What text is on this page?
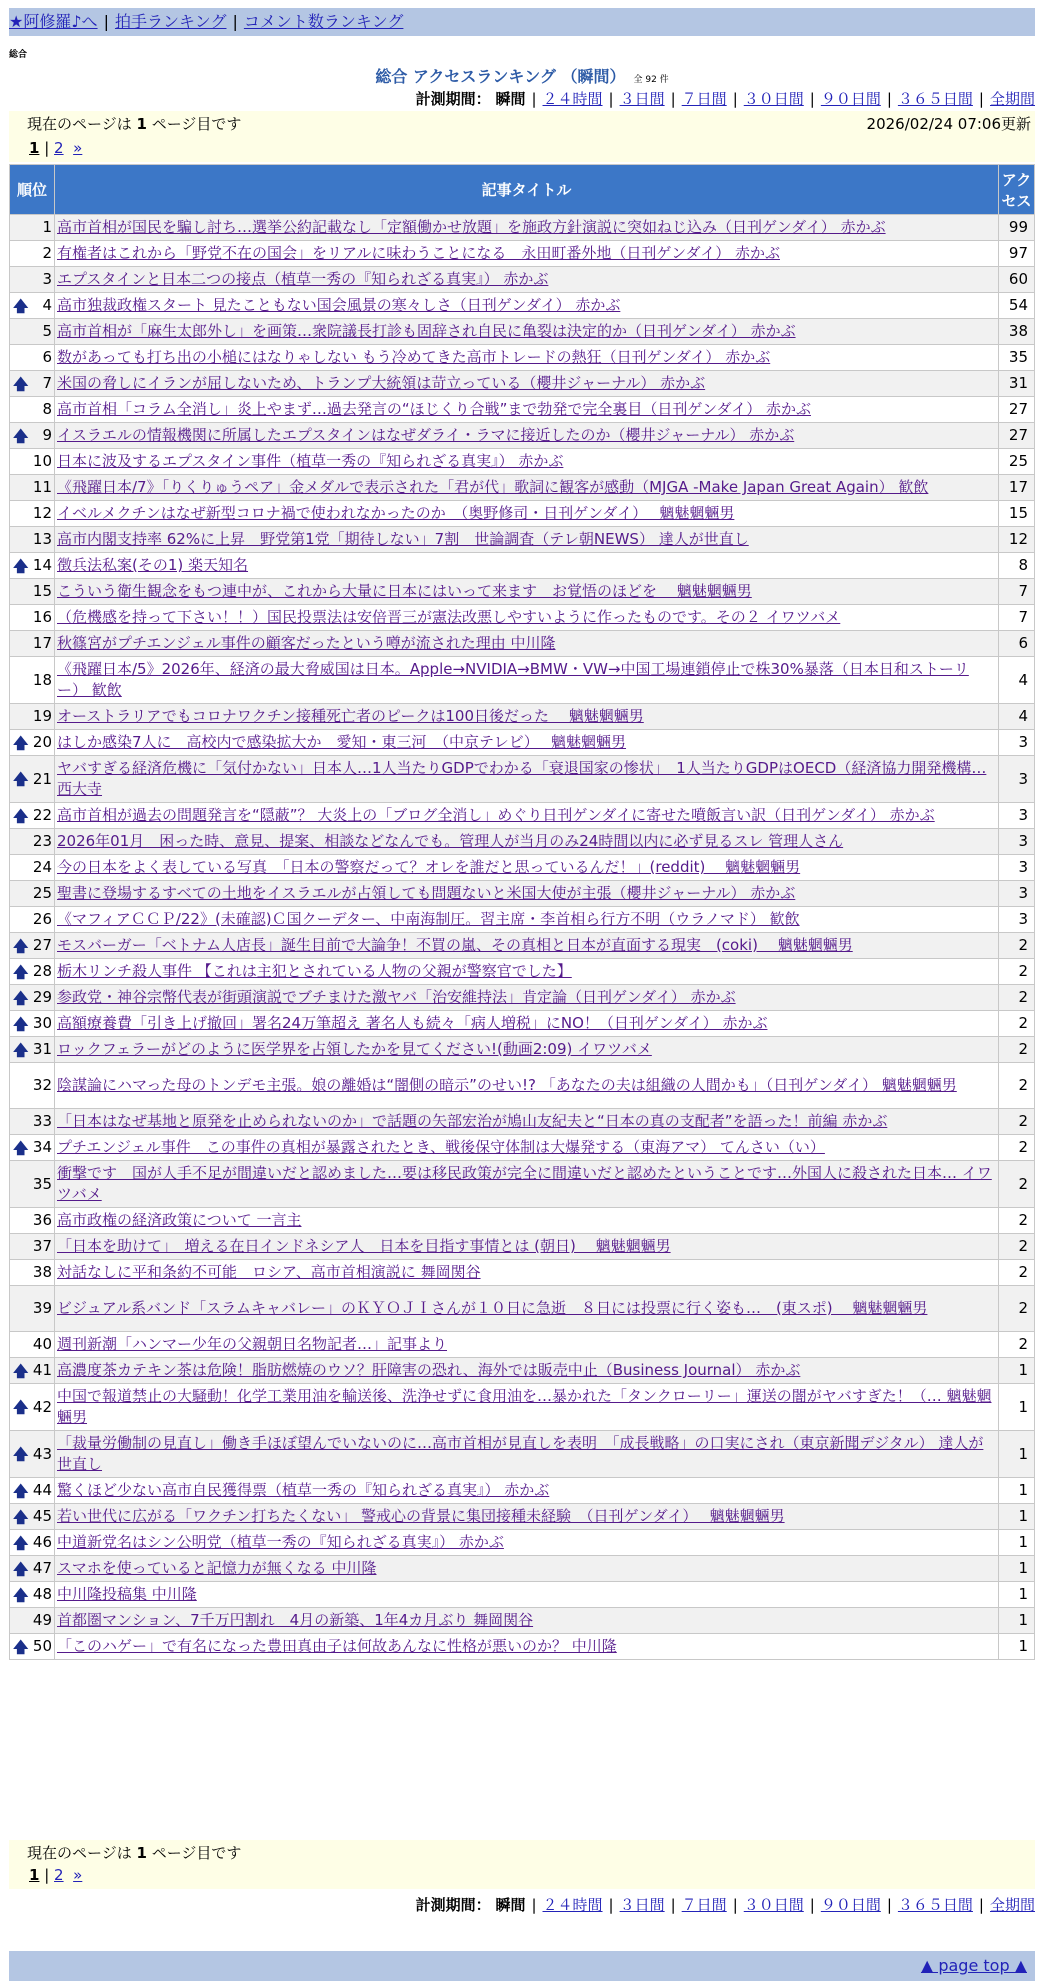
★阿修羅♪へ | 拍手ランキング | コメント数ランキング
総合
総合 アクセスランキング （瞬間） 全 92 件
計測期間： 瞬間 | ２４時間 | ３日間 | ７日間 | ３０日間 | ９０日間 | ３６５日間 | 全期間
現在のページは 1 ページ目です	2026/02/24 07:06更新
1 | 2 »
順位	記事タイトル	アクセス
1	高市首相が国民を騙し討ち…選挙公約記載なし「定額働かせ放題」を施政方針演説に突如ねじ込み（日刊ゲンダイ） 赤かぶ	99
2	有権者はこれから「野党不在の国会」をリアルに味わうことになる　永田町番外地（日刊ゲンダイ） 赤かぶ	97
3	エプスタインと日本二つの接点（植草一秀の『知られざる真実』） 赤かぶ	60

🡅 4	高市独裁政権スタート 見たこともない国会風景の寒々しさ（日刊ゲンダイ） 赤かぶ	54
5	高市首相が「麻生太郎外し」を画策…衆院議長打診も固辞され自民に亀裂は決定的か（日刊ゲンダイ） 赤かぶ	38
6	数があっても打ち出の小槌にはなりゃしない もう冷めてきた高市トレードの熱狂（日刊ゲンダイ） 赤かぶ	35

🡅 7	米国の脅しにイランが屈しないため、トランプ大統領は苛立っている（櫻井ジャーナル） 赤かぶ	31
8	高市首相「コラム全消し」炎上やまず…過去発言の“ほじくり合戦”まで勃発で完全裏目（日刊ゲンダイ） 赤かぶ	27

🡅 9	イスラエルの情報機関に所属したエプスタインはなぜダライ・ラマに接近したのか（櫻井ジャーナル） 赤かぶ	27
10	日本に波及するエプスタイン事件（植草一秀の『知られざる真実』） 赤かぶ	25
11	《飛躍日本/7》「りくりゅうペア」金メダルで表示された「君が代」歌詞に観客が感動（MJGA -Make Japan Great Again） 歓飲	17
12	イベルメクチンはなぜ新型コロナ禍で使われなかったのか　（奥野修司・日刊ゲンダイ）　 魑魅魍魎男	15
13	高市内閣支持率 62%に上昇　野党第1党「期待しない」7割　世論調査（テレ朝NEWS） 達人が世直し	12

🡅 14	徴兵法私案(その1) 楽天知名	8
15	こういう衛生観念をもつ連中が、これから大量に日本にはいって来ます　お覚悟のほどを　 魑魅魍魎男	7
16	（危機感を持って下さい！！）国民投票法は安倍晋三が憲法改悪しやすいように作ったものです。その２ イワツバメ	7
17	秋篠宮がプチエンジェル事件の顧客だったという噂が流された理由 中川隆	6
18	《飛躍日本/5》2026年、経済の最大脅威国は日本。Apple→NVIDIA→BMW・VW→中国工場連鎖停止で株30%暴落（日本日和ストーリー） 歓飲	4
19	オーストラリアでもコロナワクチン接種死亡者のピークは100日後だった　 魑魅魍魎男	4

🡅 20	はしか感染7人に　高校内で感染拡大か　愛知・東三河　（中京テレビ）　 魑魅魍魎男	3

🡅 21	ヤバすぎる経済危機に「気付かない」日本人…1人当たりGDPでわかる「衰退国家の惨状」　1人当たりGDPはOECD（経済協力開発機構… 西大寺	3

🡅 22	高市首相が過去の問題発言を“隠蔽”？ 大炎上の「ブログ全消し」めぐり日刊ゲンダイに寄せた噴飯言い訳（日刊ゲンダイ） 赤かぶ	3
23	2026年01月　困った時、意見、提案、相談などなんでも。管理人が当月のみ24時間以内に必ず見るスレ 管理人さん	3
24	今の日本をよく表している写真　「日本の警察だって？オレを誰だと思っているんだ！」(reddit)　 魑魅魍魎男	3
25	聖書に登場するすべての土地をイスラエルが占領しても問題ないと米国大使が主張（櫻井ジャーナル） 赤かぶ	3
26	《マフィアＣＣＰ/22》(未確認)Ｃ国クーデター、中南海制圧。習主席・李首相ら行方不明（ウラノマド） 歓飲	3

🡅 27	モスバーガー「ベトナム人店長」誕生目前で大論争！不買の嵐、その真相と日本が直面する現実　(coki)　 魑魅魍魎男	2

🡅 28	栃木リンチ殺人事件 【これは主犯とされている人物の父親が警察官でした】	2

🡅 29	参政党・神谷宗幣代表が街頭演説でブチまけた激ヤバ「治安維持法」肯定論（日刊ゲンダイ） 赤かぶ	2

🡅 30	高額療養費「引き上げ撤回」署名24万筆超え 著名人も続々「病人増税」にNO！（日刊ゲンダイ） 赤かぶ	2

🡅 31	ロックフェラーがどのように医学界を占領したかを見てください!(動画2:09) イワツバメ	2
32	陰謀論にハマった母のトンデモ主張。娘の離婚は“闇側の暗示”のせい!? 「あなたの夫は組織の人間かも」（日刊ゲンダイ） 魑魅魍魎男	2
33	「日本はなぜ基地と原発を止められないのか」で話題の矢部宏治が鳩山友紀夫と“日本の真の支配者”を語った！前編 赤かぶ	2

🡅 34	プチエンジェル事件　この事件の真相が暴露されたとき、戦後保守体制は大爆発する（東海アマ） てんさい（い）	2
35	衝撃です　国が人手不足が間違いだと認めました…要は移民政策が完全に間違いだと認めたということです…外国人に殺された日本… イワツバメ	2
36	高市政権の経済政策について 一言主	2
37	「日本を助けて」　増える在日インドネシア人　日本を目指す事情とは (朝日)　 魑魅魍魎男	2
38	対話なしに平和条約不可能　ロシア、高市首相演説に 舞岡関谷	2
39	ビジュアル系バンド「スラムキャバレー」のＫＹＯＪＩさんが１０日に急逝　８日には投票に行く姿も…　(東スポ)　 魑魅魍魎男	2
40	週刊新潮「ハンマー少年の父親朝日名物記者…」記事より	2

🡅 41	高濃度茶カテキン茶は危険！脂肪燃焼のウソ？肝障害の恐れ、海外では販売中止（Business Journal） 赤かぶ	1

🡅 42	中国で報道禁止の大騒動！化学工業用油を輸送後、洗浄せずに食用油を…暴かれた「タンクローリー」運送の闇がヤバすぎた！（… 魑魅魍魎男	1

🡅 43	「裁量労働制の見直し」働き手ほぼ望んでいないのに…高市首相が見直しを表明　「成長戦略」の口実にされ（東京新聞デジタル） 達人が世直し	1

🡅 44	驚くほど少ない高市自民獲得票（植草一秀の『知られざる真実』） 赤かぶ	1

🡅 45	若い世代に広がる「ワクチン打ちたくない」 警戒心の背景に集団接種未経験　（日刊ゲンダイ）　 魑魅魍魎男	1

🡅 46	中道新党名はシン公明党（植草一秀の『知られざる真実』） 赤かぶ	1

🡅 47	スマホを使っていると記憶力が無くなる 中川隆	1

🡅 48	中川隆投稿集 中川隆	1
49	首都圏マンション、7千万円割れ　4月の新築、1年4カ月ぶり 舞岡関谷	1

🡅 50	「このハゲー」で有名になった豊田真由子は何故あんなに性格が悪いのか？ 中川隆	1
現在のページは 1 ページ目です
1 | 2 »
計測期間： 瞬間 | ２４時間 | ３日間 | ７日間 | ３０日間 | ９０日間 | ３６５日間 | 全期間
▲ page top ▲
